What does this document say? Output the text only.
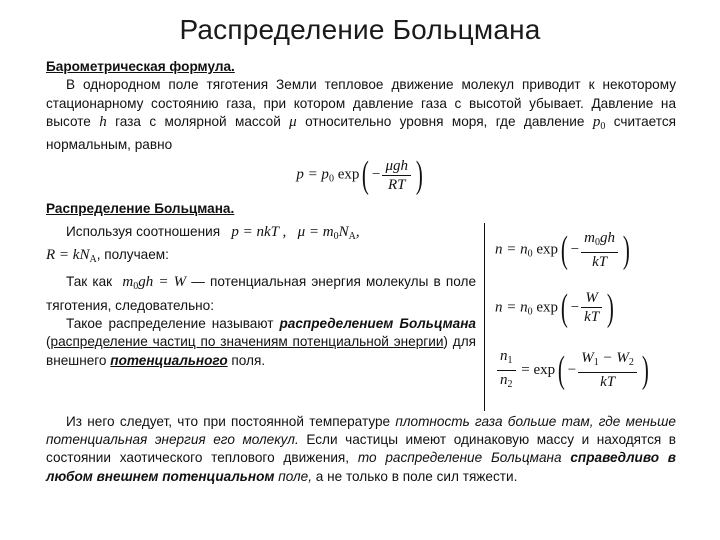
Распределение Больцмана
Барометрическая формула.
В однородном поле тяготения Земли тепловое движение молекул приводит к некоторому стационарному состоянию газа, при котором давление газа с высотой убывает. Давление на высоте h газа с молярной массой μ относительно уровня моря, где давление $p_0$ считается нормальным, равно
$p = p_0$ $\exp( - \frac{\text{μgh}}{RT}$ )
Распределение Больцмана.
Используя соотношения p = nkT , $\mu = m_0N_A$,
$R = kN_A$, получаем:
Так как $m_0gh = W$ — потенциальная энергия молекулы в поле тяготения, следовательно:
Такое распределение называют распределением Больцмана (распределение частиц по значениям потенциальной энергии) для внешнего потенциального поля.
$n = n_0$ $\exp( - \frac{m_0gh}{kT}$ )
$n = n_0$ $\exp( - \frac{W}{kT}$ )
$\frac{n_1}{n_2} = \exp( - \frac{W_1 - W_2}{kT}$ )
Из него следует, что при постоянной температуре плотность газа больше там, где меньше потенциальная энергия его молекул. Если частицы имеют одинаковую массу и находятся в состоянии хаотического теплового движения, то распределение Больцмана справедливо в любом внешнем потенциальном поле, а не только в поле сил тяжести.
